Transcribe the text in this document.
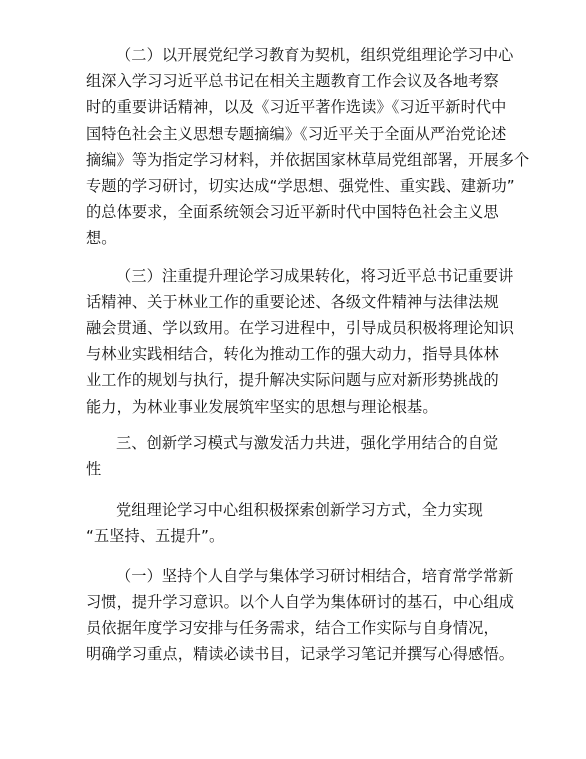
（二）以开展党纪学习教育为契机，组织党组理论学习中心
组深入学习习近平总书记在相关主题教育工作会议及各地考察
时的重要讲话精神，以及《习近平著作选读》《习近平新时代中
国特色社会主义思想专题摘编》《习近平关于全面从严治党论述
摘编》等为指定学习材料，并依据国家林草局党组部署，开展多个
专题的学习研讨，切实达成“学思想、强党性、重实践、建新功”
的总体要求，全面系统领会习近平新时代中国特色社会主义思
想。

（三）注重提升理论学习成果转化，将习近平总书记重要讲
话精神、关于林业工作的重要论述、各级文件精神与法律法规
融会贯通、学以致用。在学习进程中，引导成员积极将理论知识
与林业实践相结合，转化为推动工作的强大动力，指导具体林
业工作的规划与执行，提升解决实际问题与应对新形势挑战的
能力，为林业事业发展筑牢坚实的思想与理论根基。

三、创新学习模式与激发活力共进，强化学用结合的自觉
性

党组理论学习中心组积极探索创新学习方式，全力实现
“五坚持、五提升”。

（一）坚持个人自学与集体学习研讨相结合，培育常学常新
习惯，提升学习意识。以个人自学为集体研讨的基石，中心组成
员依据年度学习安排与任务需求，结合工作实际与自身情况，
明确学习重点，精读必读书目，记录学习笔记并撰写心得感悟。
